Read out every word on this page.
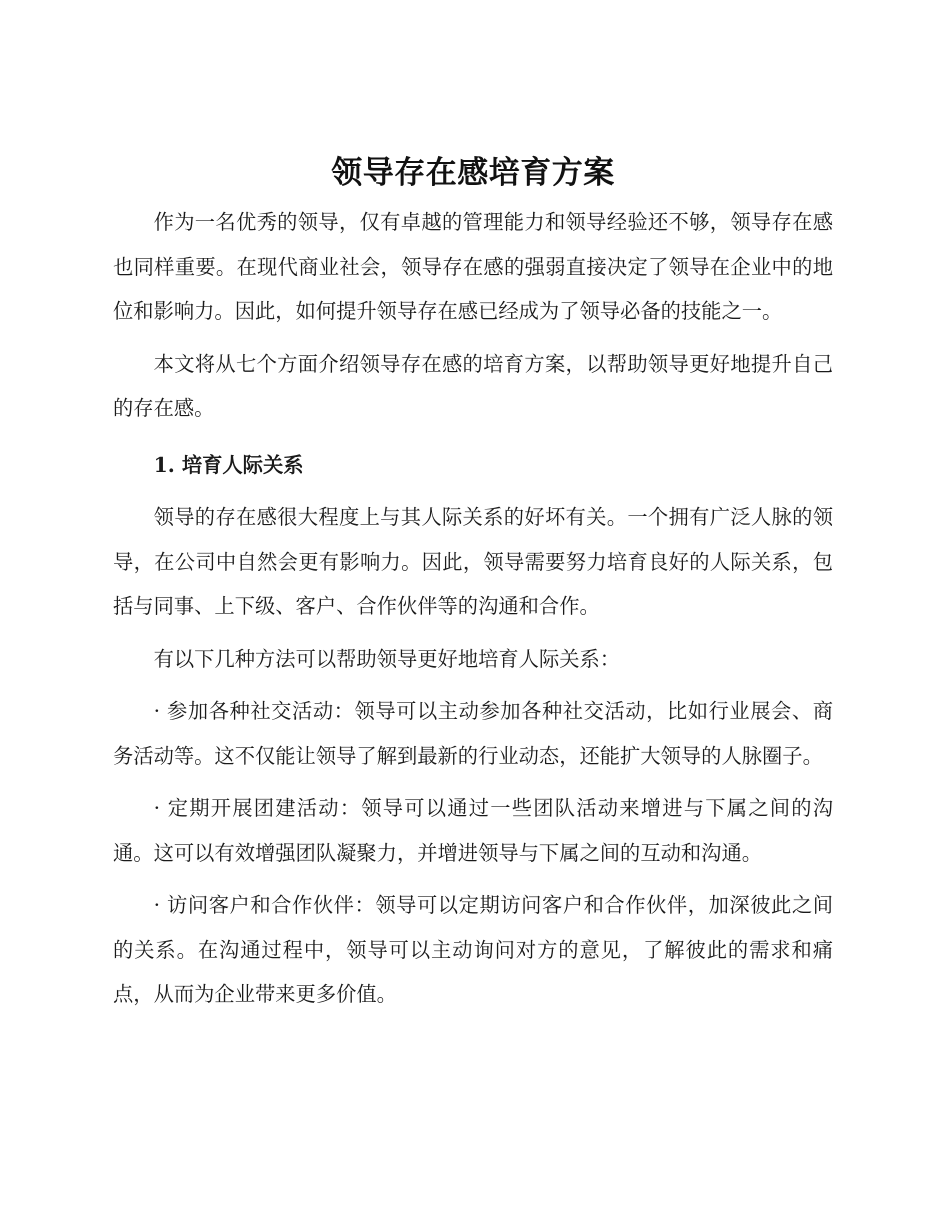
领导存在感培育方案

作为一名优秀的领导，仅有卓越的管理能力和领导经验还不够，领导存在感也同样重要。在现代商业社会，领导存在感的强弱直接决定了领导在企业中的地位和影响力。因此，如何提升领导存在感已经成为了领导必备的技能之一。

本文将从七个方面介绍领导存在感的培育方案，以帮助领导更好地提升自己的存在感。

1. 培育人际关系

领导的存在感很大程度上与其人际关系的好坏有关。一个拥有广泛人脉的领导，在公司中自然会更有影响力。因此，领导需要努力培育良好的人际关系，包括与同事、上下级、客户、合作伙伴等的沟通和合作。

有以下几种方法可以帮助领导更好地培育人际关系：

· 参加各种社交活动：领导可以主动参加各种社交活动，比如行业展会、商务活动等。这不仅能让领导了解到最新的行业动态，还能扩大领导的人脉圈子。

· 定期开展团建活动：领导可以通过一些团队活动来增进与下属之间的沟通。这可以有效增强团队凝聚力，并增进领导与下属之间的互动和沟通。

· 访问客户和合作伙伴：领导可以定期访问客户和合作伙伴，加深彼此之间的关系。在沟通过程中，领导可以主动询问对方的意见，了解彼此的需求和痛点，从而为企业带来更多价值。
